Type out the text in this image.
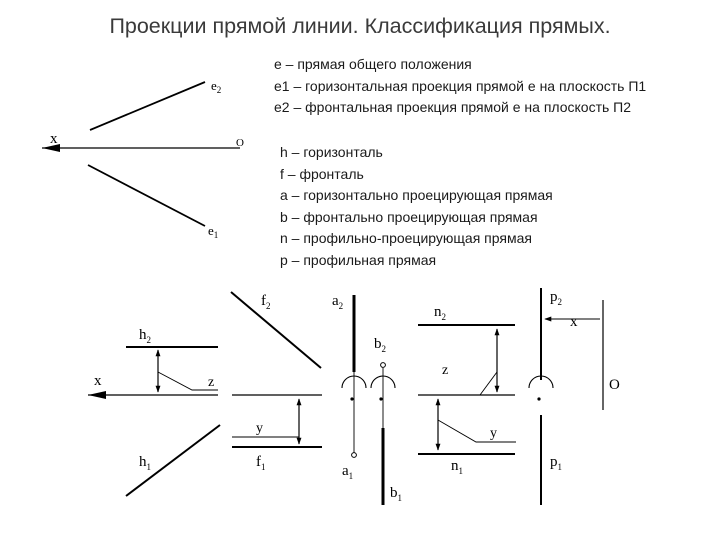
Проекции прямой линии. Классификация прямых.
e – прямая общего положения
e1 – горизонтальная проекция прямой e на плоскость П1
e2 – фронтальная проекция прямой e на плоскость П2
h – горизонталь
f – фронталь
a – горизонтально проецирующая прямая
b – фронтально проецирующая прямая
n – профильно-проецирующая прямая
p – профильная прямая
x	O
$e_2$
$e_1$
x
$h_2$
z
$h_1$
$f_2$
y
$f_1$
$a_2$
$a_1$
$b_2$
$b_1$
$n_2$
z
y
$n_1$
$p_2$
x
O
$p_1$
